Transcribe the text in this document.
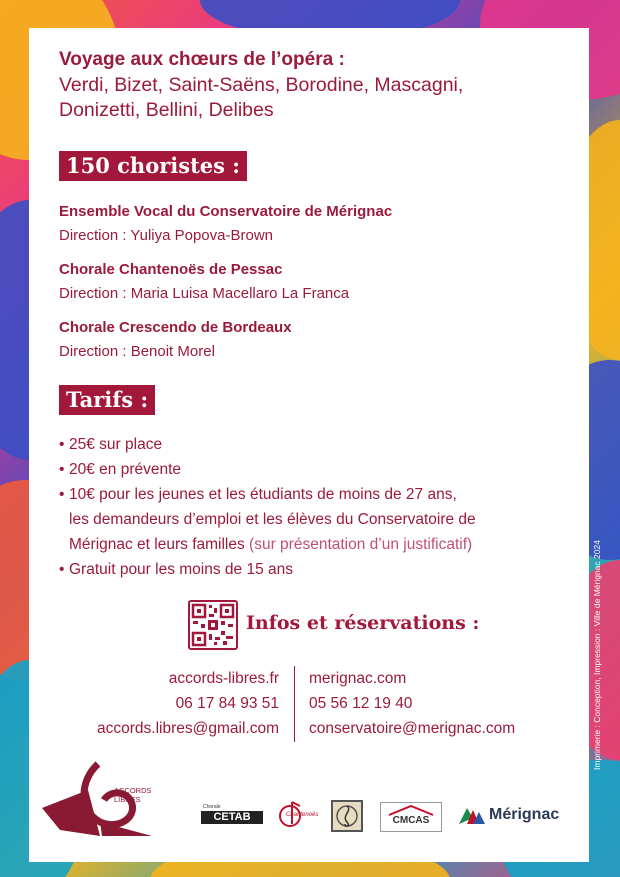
Imprimerie : Conception, Impression : Ville de Mérignac 2024
Voyage aux chœurs de l’opéra :
Verdi, Bizet, Saint-Saëns, Borodine, Mascagni,
Donizetti, Bellini, Delibes
150 choristes :
Ensemble Vocal du Conservatoire de Mérignac
Direction : Yuliya Popova-Brown
Chorale Chantenoës de Pessac
Direction : Maria Luisa Macellaro La Franca
Chorale Crescendo de Bordeaux
Direction : Benoit Morel
Tarifs :
• 25€ sur place
• 20€ en prévente
• 10€ pour les jeunes et les étudiants de moins de 27 ans,
les demandeurs d’emploi et les élèves du Conservatoire de
Mérignac et leurs familles (sur présentation d’un justificatif)
• Gratuit pour les moins de 15 ans
Infos et réservations :
accords-libres.fr
06 17 84 93 51
accords.libres@gmail.com
merignac.com
05 56 12 19 40
conservatoire@merignac.com
ACCORDS
LIBRES
Chorale
CETAB	Chantenoës	CMCAS	Mérignac
